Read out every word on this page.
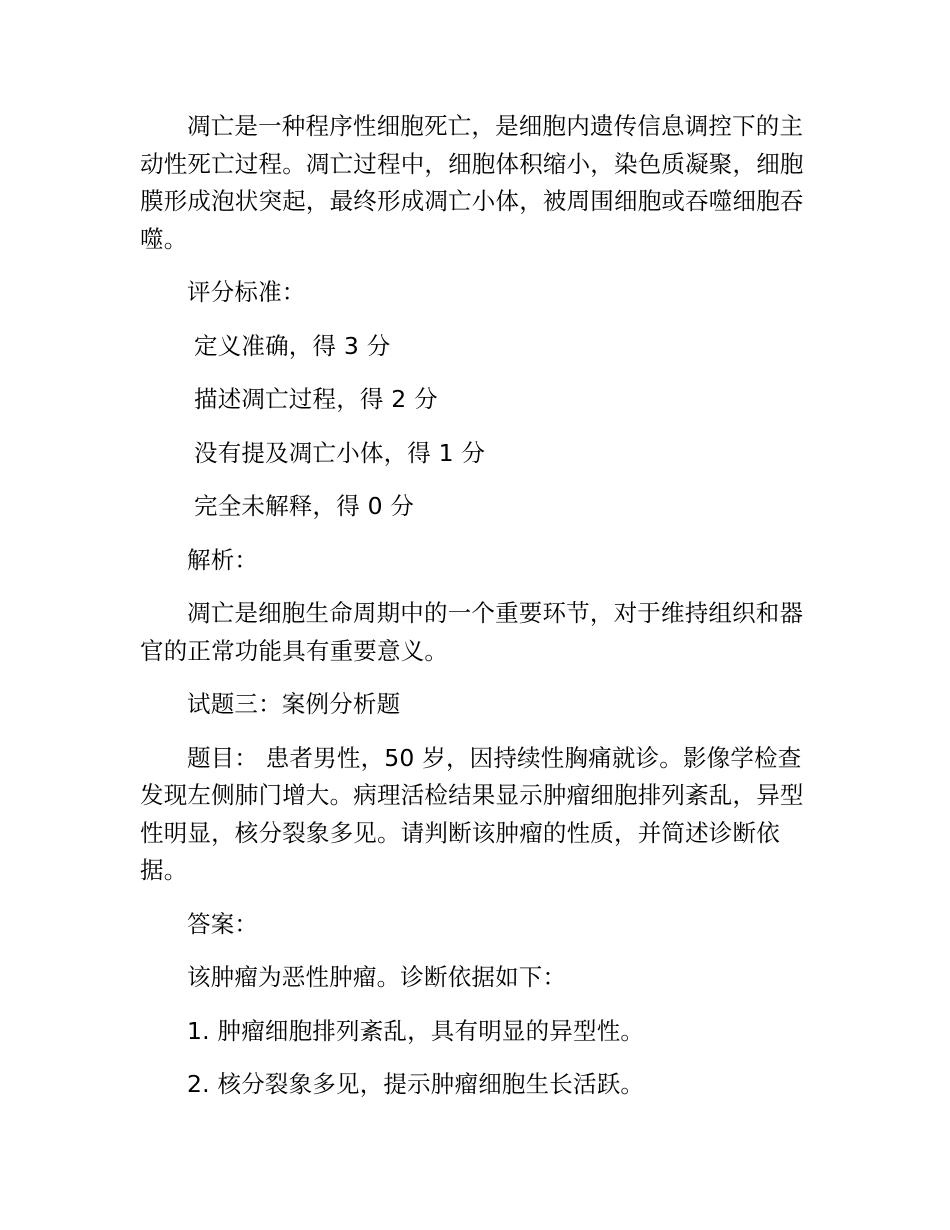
凋亡是一种程序性细胞死亡，是细胞内遗传信息调控下的主动性死亡过程。凋亡过程中，细胞体积缩小，染色质凝聚，细胞膜形成泡状突起，最终形成凋亡小体，被周围细胞或吞噬细胞吞噬。

评分标准：

定义准确，得 3 分

描述凋亡过程，得 2 分

没有提及凋亡小体，得 1 分

完全未解释，得 0 分

解析：

凋亡是细胞生命周期中的一个重要环节，对于维持组织和器官的正常功能具有重要意义。

试题三：案例分析题

题目： 患者男性，50 岁，因持续性胸痛就诊。影像学检查发现左侧肺门增大。病理活检结果显示肿瘤细胞排列紊乱，异型性明显，核分裂象多见。请判断该肿瘤的性质，并简述诊断依据。

答案：

该肿瘤为恶性肿瘤。诊断依据如下：

1. 肿瘤细胞排列紊乱，具有明显的异型性。

2. 核分裂象多见，提示肿瘤细胞生长活跃。
